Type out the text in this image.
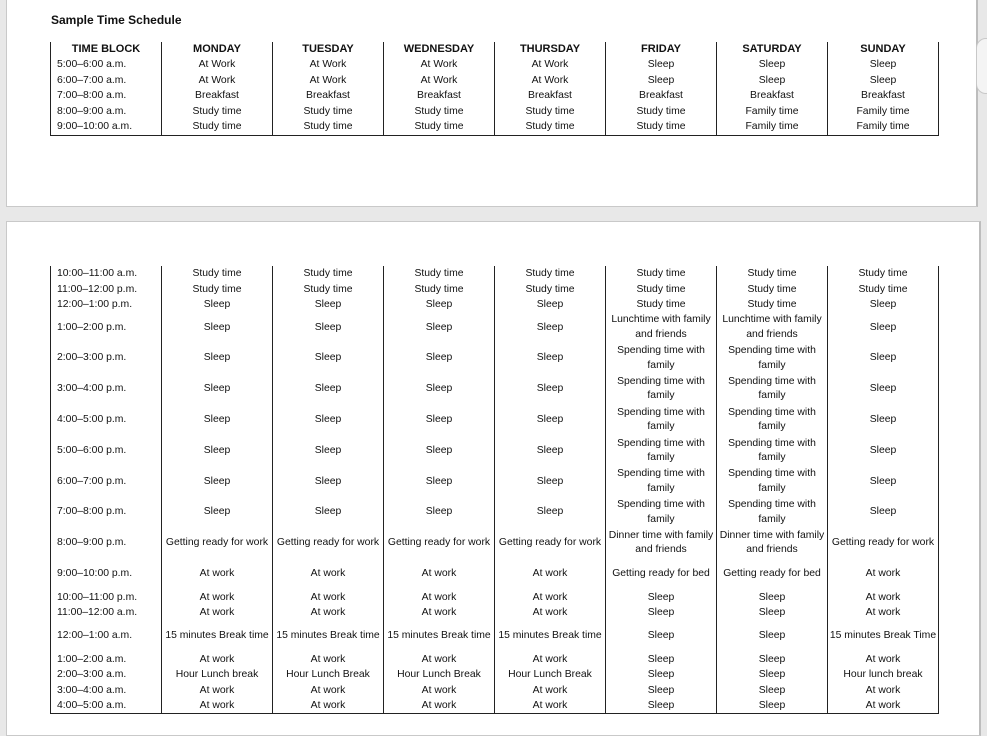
Sample Time Schedule
TIME BLOCK	MONDAY	TUESDAY	WEDNESDAY	THURSDAY	FRIDAY	SATURDAY	SUNDAY
5:00–6:00 a.m.	At Work	At Work	At Work	At Work	Sleep	Sleep	Sleep
6:00–7:00 a.m.	At Work	At Work	At Work	At Work	Sleep	Sleep	Sleep
7:00–8:00 a.m.	Breakfast	Breakfast	Breakfast	Breakfast	Breakfast	Breakfast	Breakfast
8:00–9:00 a.m.	Study time	Study time	Study time	Study time	Study time	Family time	Family time
9:00–10:00 a.m.	Study time	Study time	Study time	Study time	Study time	Family time	Family time
10:00–11:00 a.m.	Study time	Study time	Study time	Study time	Study time	Study time	Study time
11:00–12:00 p.m.	Study time	Study time	Study time	Study time	Study time	Study time	Study time
12:00–1:00 p.m.	Sleep	Sleep	Sleep	Sleep	Study time	Study time	Sleep
1:00–2:00 p.m.	Sleep	Sleep	Sleep	Sleep	Lunchtime with family and friends	Lunchtime with family and friends	Sleep
2:00–3:00 p.m.	Sleep	Sleep	Sleep	Sleep	Spending time with family	Spending time with family	Sleep
3:00–4:00 p.m.	Sleep	Sleep	Sleep	Sleep	Spending time with family	Spending time with family	Sleep
4:00–5:00 p.m.	Sleep	Sleep	Sleep	Sleep	Spending time with family	Spending time with family	Sleep
5:00–6:00 p.m.	Sleep	Sleep	Sleep	Sleep	Spending time with family	Spending time with family	Sleep
6:00–7:00 p.m.	Sleep	Sleep	Sleep	Sleep	Spending time with family	Spending time with family	Sleep
7:00–8:00 p.m.	Sleep	Sleep	Sleep	Sleep	Spending time with family	Spending time with family	Sleep
8:00–9:00 p.m.	Getting ready for work	Getting ready for work	Getting ready for work	Getting ready for work	Dinner time with family and friends	Dinner time with family and friends	Getting ready for work
9:00–10:00 p.m.	At work	At work	At work	At work	Getting ready for bed	Getting ready for bed	At work
10:00–11:00 p.m.	At work	At work	At work	At work	Sleep	Sleep	At work
11:00–12:00 a.m.	At work	At work	At work	At work	Sleep	Sleep	At work
12:00–1:00 a.m.	15 minutes Break time	15 minutes Break time	15 minutes Break time	15 minutes Break time	Sleep	Sleep	15 minutes Break Time
1:00–2:00 a.m.	At work	At work	At work	At work	Sleep	Sleep	At work
2:00–3:00 a.m.	Hour Lunch break	Hour Lunch Break	Hour Lunch Break	Hour Lunch Break	Sleep	Sleep	Hour lunch break
3:00–4:00 a.m.	At work	At work	At work	At work	Sleep	Sleep	At work
4:00–5:00 a.m.	At work	At work	At work	At work	Sleep	Sleep	At work
